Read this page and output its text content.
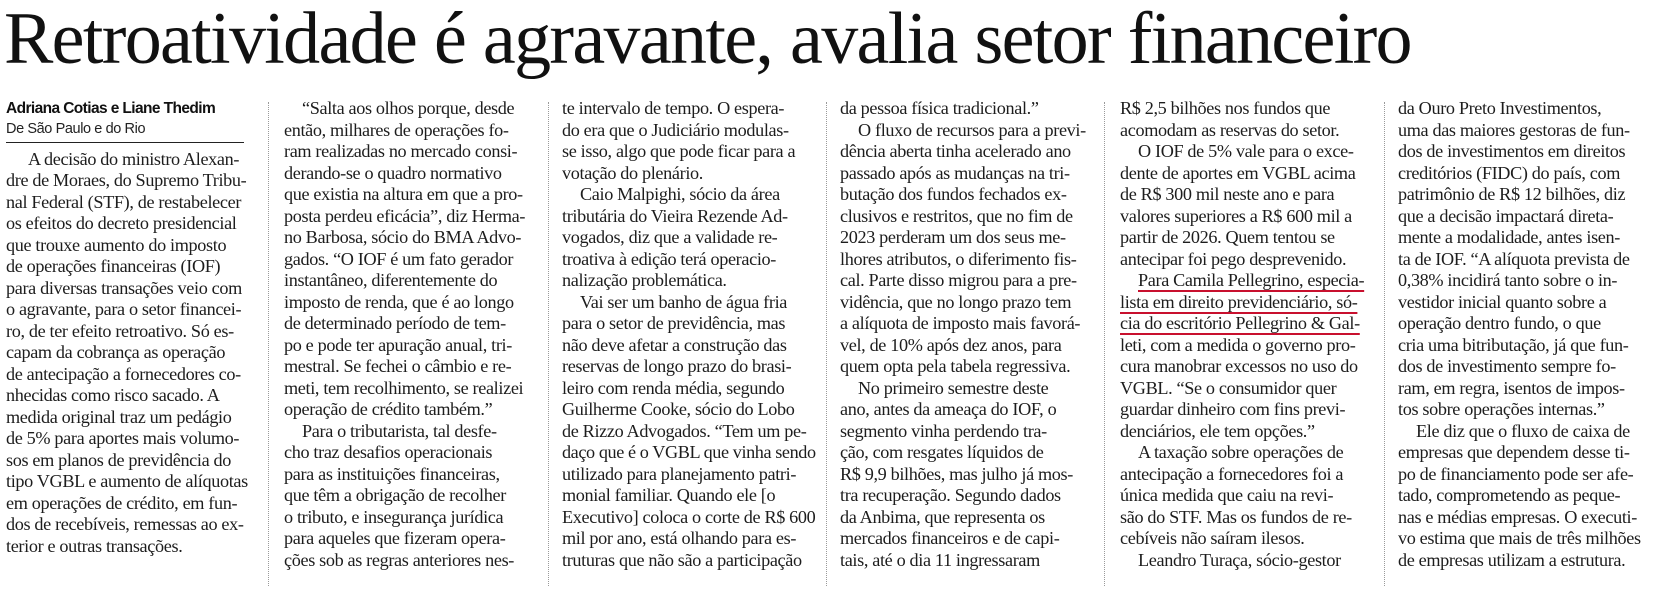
Retroatividade é agravante, avalia setor financeiro
Adriana Cotias e Liane Thedim
De São Paulo e do Rio
A decisão do ministro Alexan-
dre de Moraes, do Supremo Tribu-
nal Federal (STF), de restabelecer
os efeitos do decreto presidencial
que trouxe aumento do imposto
de operações financeiras (IOF)
para diversas transações veio com
o agravante, para o setor financei-
ro, de ter efeito retroativo. Só es-
capam da cobrança as operação
de antecipação a fornecedores co-
nhecidas como risco sacado. A
medida original traz um pedágio
de 5% para aportes mais volumo-
sos em planos de previdência do
tipo VGBL e aumento de alíquotas
em operações de crédito, em fun-
dos de recebíveis, remessas ao ex-
terior e outras transações.
“Salta aos olhos porque, desde
então, milhares de operações fo-
ram realizadas no mercado consi-
derando-se o quadro normativo
que existia na altura em que a pro-
posta perdeu eficácia”, diz Herma-
no Barbosa, sócio do BMA Advo-
gados. “O IOF é um fato gerador
instantâneo, diferentemente do
imposto de renda, que é ao longo
de determinado período de tem-
po e pode ter apuração anual, tri-
mestral. Se fechei o câmbio e re-
meti, tem recolhimento, se realizei
operação de crédito também.”
Para o tributarista, tal desfe-
cho traz desafios operacionais
para as instituições financeiras,
que têm a obrigação de recolher
o tributo, e insegurança jurídica
para aqueles que fizeram opera-
ções sob as regras anteriores nes-
te intervalo de tempo. O espera-
do era que o Judiciário modulas-
se isso, algo que pode ficar para a
votação do plenário.
Caio Malpighi, sócio da área
tributária do Vieira Rezende Ad-
vogados, diz que a validade re-
troativa à edição terá operacio-
nalização problemática.
Vai ser um banho de água fria
para o setor de previdência, mas
não deve afetar a construção das
reservas de longo prazo do brasi-
leiro com renda média, segundo
Guilherme Cooke, sócio do Lobo
de Rizzo Advogados. “Tem um pe-
daço que é o VGBL que vinha sendo
utilizado para planejamento patri-
monial familiar. Quando ele [o
Executivo] coloca o corte de R$ 600
mil por ano, está olhando para es-
truturas que não são a participação
da pessoa física tradicional.”
O fluxo de recursos para a previ-
dência aberta tinha acelerado ano
passado após as mudanças na tri-
butação dos fundos fechados ex-
clusivos e restritos, que no fim de
2023 perderam um dos seus me-
lhores atributos, o diferimento fis-
cal. Parte disso migrou para a pre-
vidência, que no longo prazo tem
a alíquota de imposto mais favorá-
vel, de 10% após dez anos, para
quem opta pela tabela regressiva.
No primeiro semestre deste
ano, antes da ameaça do IOF, o
segmento vinha perdendo tra-
ção, com resgates líquidos de
R$ 9,9 bilhões, mas julho já mos-
tra recuperação. Segundo dados
da Anbima, que representa os
mercados financeiros e de capi-
tais, até o dia 11 ingressaram
R$ 2,5 bilhões nos fundos que
acomodam as reservas do setor.
O IOF de 5% vale para o exce-
dente de aportes em VGBL acima
de R$ 300 mil neste ano e para
valores superiores a R$ 600 mil a
partir de 2026. Quem tentou se
antecipar foi pego desprevenido.
Para Camila Pellegrino, especia-
lista em direito previdenciário, só-
cia do escritório Pellegrino & Gal-
leti, com a medida o governo pro-
cura manobrar excessos no uso do
VGBL. “Se o consumidor quer
guardar dinheiro com fins previ-
denciários, ele tem opções.”
A taxação sobre operações de
antecipação a fornecedores foi a
única medida que caiu na revi-
são do STF. Mas os fundos de re-
cebíveis não saíram ilesos.
Leandro Turaça, sócio-gestor
da Ouro Preto Investimentos,
uma das maiores gestoras de fun-
dos de investimentos em direitos
creditórios (FIDC) do país, com
patrimônio de R$ 12 bilhões, diz
que a decisão impactará direta-
mente a modalidade, antes isen-
ta de IOF. “A alíquota prevista de
0,38% incidirá tanto sobre o in-
vestidor inicial quanto sobre a
operação dentro fundo, o que
cria uma bitributação, já que fun-
dos de investimento sempre fo-
ram, em regra, isentos de impos-
tos sobre operações internas.”
Ele diz que o fluxo de caixa de
empresas que dependem desse ti-
po de financiamento pode ser afe-
tado, comprometendo as peque-
nas e médias empresas. O executi-
vo estima que mais de três milhões
de empresas utilizam a estrutura.
